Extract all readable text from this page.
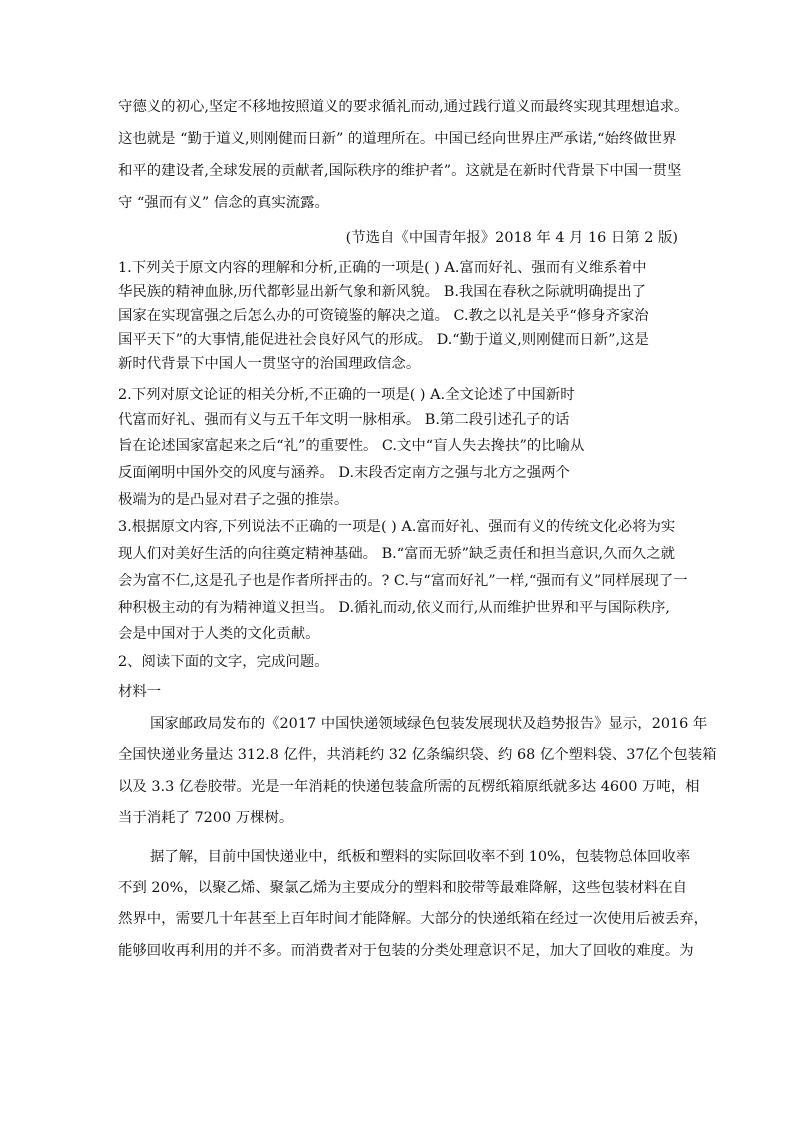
守德义的初心,坚定不移地按照道义的要求循礼而动,通过践行道义而最终实现其理想追求。
这也就是 “勤于道义,则刚健而日新” 的道理所在。中国已经向世界庄严承诺,“始终做世界
和平的建设者,全球发展的贡献者,国际秩序的维护者”。这就是在新时代背景下中国一贯坚
守 “强而有义” 信念的真实流露。
(节选自《中国青年报》2018 年 4 月 16 日第 2 版)
1.下列关于原文内容的理解和分析,正确的一项是( ) A.富而好礼、强而有义维系着中
华民族的精神血脉,历代都彰显出新气象和新风貌。 B.我国在春秋之际就明确提出了
国家在实现富强之后怎么办的可资镜鉴的解决之道。 C.教之以礼是关乎“修身齐家治
国平天下”的大事情,能促进社会良好风气的形成。 D.“勤于道义,则刚健而日新”,这是
新时代背景下中国人一贯坚守的治国理政信念。
2.下列对原文论证的相关分析,不正确的一项是( ) A.全文论述了中国新时
代富而好礼、强而有义与五千年文明一脉相承。 B.第二段引述孔子的话
旨在论述国家富起来之后“礼”的重要性。 C.文中“盲人失去搀扶”的比喻从
反面阐明中国外交的风度与涵养。 D.末段否定南方之强与北方之强两个
极端为的是凸显对君子之强的推崇。
3.根据原文内容,下列说法不正确的一项是( ) A.富而好礼、强而有义的传统文化必将为实
现人们对美好生活的向往奠定精神基础。 B.“富而无骄”缺乏责任和担当意识,久而久之就
会为富不仁,这是孔子也是作者所抨击的。? C.与“富而好礼”一样,“强而有义”同样展现了一
种积极主动的有为精神道义担当。 D.循礼而动,依义而行,从而维护世界和平与国际秩序,
会是中国对于人类的文化贡献。
2、阅读下面的文字，完成问题。
材料一
国家邮政局发布的《2017 中国快递领域绿色包装发展现状及趋势报告》显示，2016 年
全国快递业务量达 312.8 亿件，共消耗约 32 亿条编织袋、约 68 亿个塑料袋、37亿个包装箱
以及 3.3 亿卷胶带。光是一年消耗的快递包装盒所需的瓦楞纸箱原纸就多达 4600 万吨，相
当于消耗了 7200 万棵树。
据了解，目前中国快递业中，纸板和塑料的实际回收率不到 10%，包装物总体回收率
不到 20%，以聚乙烯、聚氯乙烯为主要成分的塑料和胶带等最难降解，这些包装材料在自
然界中，需要几十年甚至上百年时间才能降解。大部分的快递纸箱在经过一次使用后被丢弃，
能够回收再利用的并不多。而消费者对于包装的分类处理意识不足，加大了回收的难度。为
